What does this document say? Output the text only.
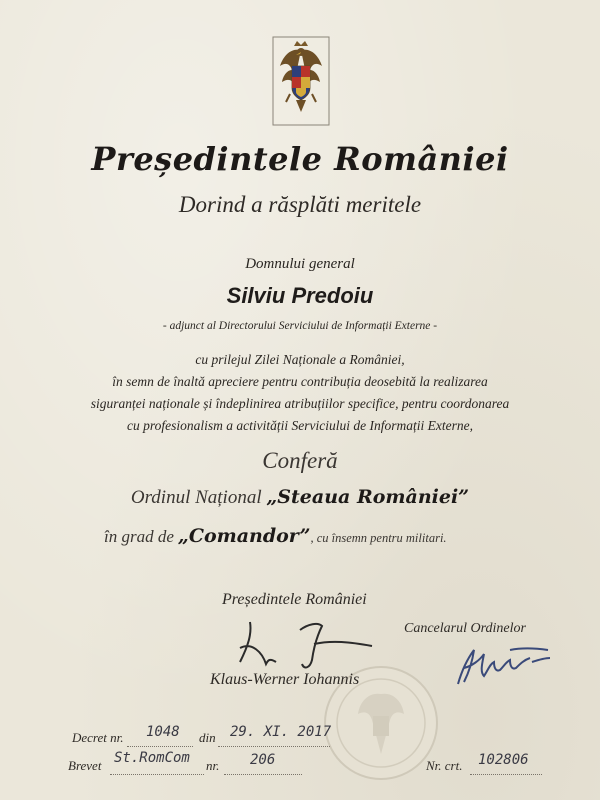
Președintele României
Dorind a răsplăti meritele
Domnului general
Silviu Predoiu
- adjunct al Directorului Serviciului de Informații Externe -
cu prilejul Zilei Naționale a României,
în semn de înaltă apreciere pentru contribuția deosebită la realizarea
siguranței naționale și îndeplinirea atribuțiilor specifice, pentru coordonarea
cu profesionalism a activității Serviciului de Informații Externe,
Conferă
Ordinul Național „Steaua României”
în grad de „Comandor”, cu însemn pentru militari.
Președintele României
Klaus-Werner Iohannis
Cancelarul Ordinelor
Decret nr. 1048 din 29. XI. 2017
Brevet St.RomCom nr. 206	Nr. crt. 102806
